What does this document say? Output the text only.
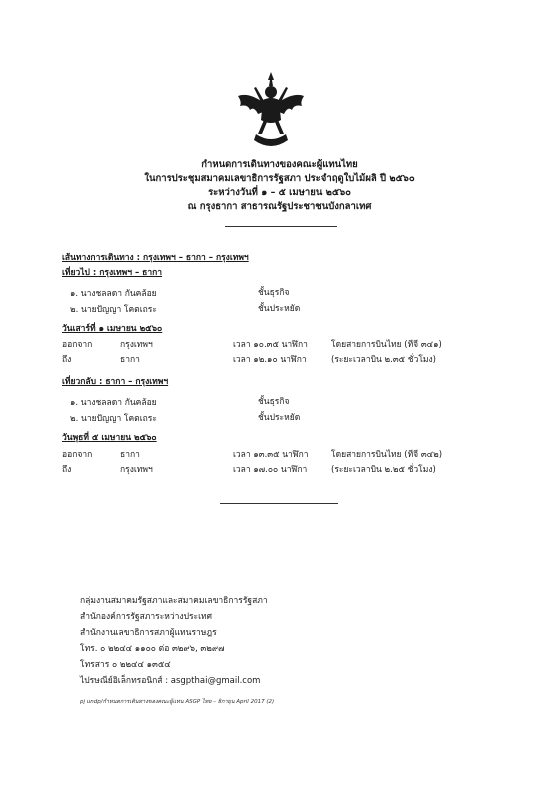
กำหนดการเดินทางของคณะผู้แทนไทย
ในการประชุมสมาคมเลขาธิการรัฐสภา ประจำฤดูใบไม้ผลิ ปี ๒๕๖๐
ระหว่างวันที่ ๑ – ๕ เมษายน ๒๕๖๐
ณ กรุงธากา สาธารณรัฐประชาชนบังกลาเทศ
เส้นทางการเดินทาง : กรุงเทพฯ – ธากา – กรุงเทพฯ
เที่ยวไป : กรุงเทพฯ – ธากา
๑. นางชลลดา กันคล้อย	ชั้นธุรกิจ
๒. นายปัญญา โคตเถระ	ชั้นประหยัด
วันเสาร์ที่ ๑ เมษายน ๒๕๖๐
ออกจาก	กรุงเทพฯ	เวลา ๑๐.๓๕ นาฬิกา	โดยสายการบินไทย (ทีจี ๓๔๑)
ถึง	ธากา	เวลา ๑๒.๑๐ นาฬิกา	(ระยะเวลาบิน ๒.๓๕ ชั่วโมง)
เที่ยวกลับ : ธากา – กรุงเทพฯ
๑. นางชลลดา กันคล้อย	ชั้นธุรกิจ
๒. นายปัญญา โคตเถระ	ชั้นประหยัด
วันพุธที่ ๕ เมษายน ๒๕๖๐
ออกจาก	ธากา	เวลา ๑๓.๓๕ นาฬิกา	โดยสายการบินไทย (ทีจี ๓๔๒)
ถึง	กรุงเทพฯ	เวลา ๑๗.๐๐ นาฬิกา	(ระยะเวลาบิน ๒.๒๕ ชั่วโมง)
กลุ่มงานสมาคมรัฐสภาและสมาคมเลขาธิการรัฐสภา
สำนักองค์การรัฐสภาระหว่างประเทศ
สำนักงานเลขาธิการสภาผู้แทนราษฎร
โทร. ๐ ๒๒๔๔ ๑๑๐๐ ต่อ ๓๒๙๖, ๓๒๙๗
โทรสาร ๐ ๒๒๔๔ ๑๓๕๔
ไปรษณีย์อิเล็กทรอนิกส์ : asgpthai@gmail.com
pj undp/กำหนดการเดินทางของคณะผู้แทน ASGP ไทย – ธิกายุน April 2017 (2)
